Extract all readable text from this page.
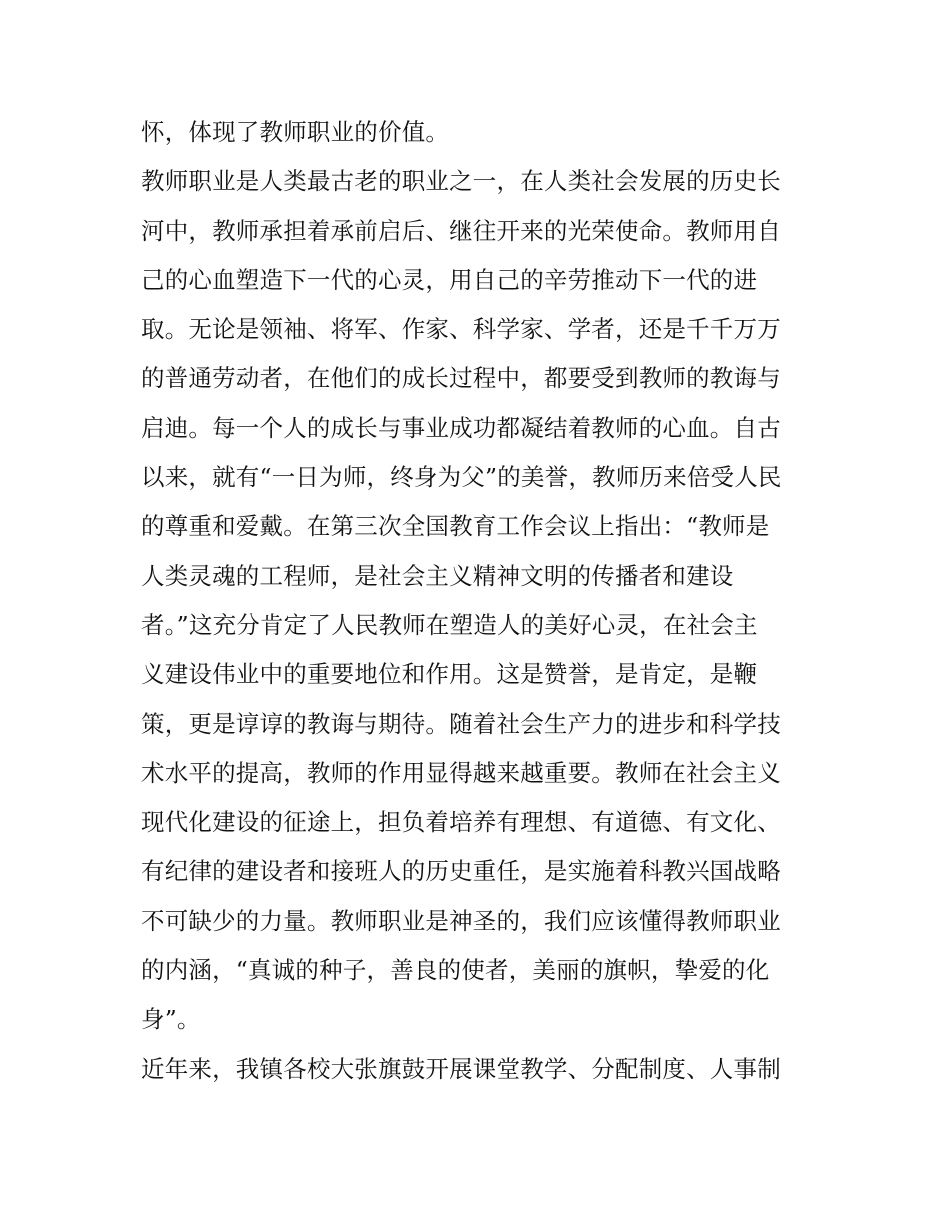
怀，体现了教师职业的价值。
教师职业是人类最古老的职业之一，在人类社会发展的历史长
河中，教师承担着承前启后、继往开来的光荣使命。教师用自
己的心血塑造下一代的心灵，用自己的辛劳推动下一代的进
取。无论是领袖、将军、作家、科学家、学者，还是千千万万
的普通劳动者，在他们的成长过程中，都要受到教师的教诲与
启迪。每一个人的成长与事业成功都凝结着教师的心血。自古
以来，就有“一日为师，终身为父”的美誉，教师历来倍受人民
的尊重和爱戴。在第三次全国教育工作会议上指出：“教师是
人类灵魂的工程师，是社会主义精神文明的传播者和建设
者。”这充分肯定了人民教师在塑造人的美好心灵，在社会主
义建设伟业中的重要地位和作用。这是赞誉，是肯定，是鞭
策，更是谆谆的教诲与期待。随着社会生产力的进步和科学技
术水平的提高，教师的作用显得越来越重要。教师在社会主义
现代化建设的征途上，担负着培养有理想、有道德、有文化、
有纪律的建设者和接班人的历史重任，是实施着科教兴国战略
不可缺少的力量。教师职业是神圣的，我们应该懂得教师职业
的内涵，“真诚的种子，善良的使者，美丽的旗帜，挚爱的化
身”。
近年来，我镇各校大张旗鼓开展课堂教学、分配制度、人事制
